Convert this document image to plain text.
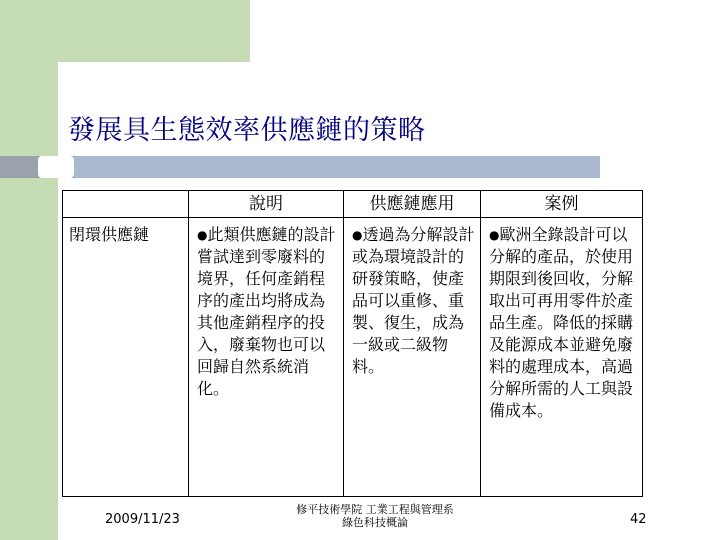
發展具生態效率供應鏈的策略
	說明	供應鏈應用	案例
閉環供應鏈	●此類供應鏈的設計嘗試達到零廢料的境界，任何產銷程序的產出均將成為其他產銷程序的投入，廢棄物也可以回歸自然系統消化。	●透過為分解設計或為環境設計的研發策略，使產品可以重修、重製、復生，成為一級或二級物料。	●歐洲全錄設計可以分解的產品，於使用期限到後回收，分解取出可再用零件於產品生產。降低的採購及能源成本並避免廢料的處理成本，高過分解所需的人工與設備成本。
2009/11/23
修平技術學院 工業工程與管理系
綠色科技概論	42
